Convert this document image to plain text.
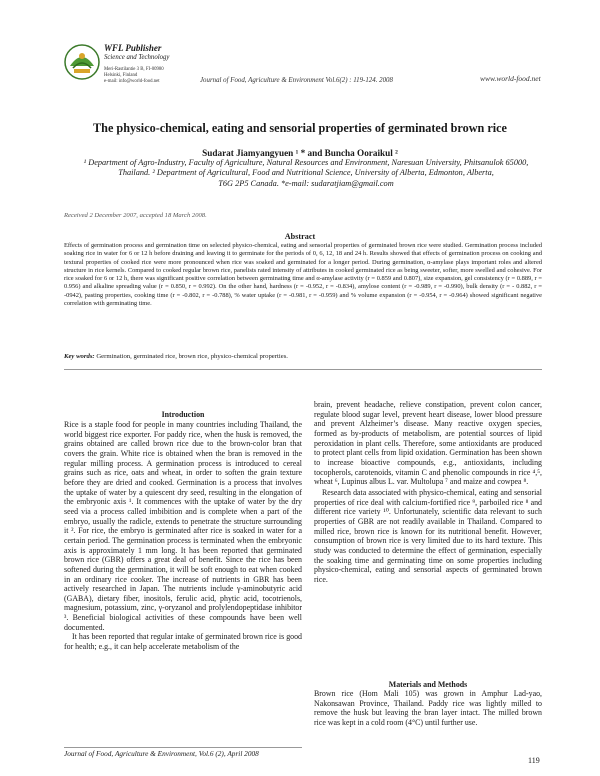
WFL Publisher
Science and Technology
Meri-Rastilantie 3 B, FI-00980
Helsinki, Finland
e-mail: info@world-food.net	Journal of Food, Agriculture & Environment Vol.6(2) : 119-124. 2008	www.world-food.net
The physico-chemical, eating and sensorial properties of germinated brown rice
Sudarat Jiamyangyuen ¹ * and Buncha Ooraikul ²
¹ Department of Agro-Industry, Faculty of Agriculture, Natural Resources and Environment, Naresuan University, Phitsanulok 65000, Thailand. ² Department of Agricultural, Food and Nutritional Science, University of Alberta, Edmonton, Alberta,
T6G 2P5 Canada. *e-mail: sudaratjiam@gmail.com
Received 2 December 2007, accepted 18 March 2008.
Abstract
Effects of germination process and germination time on selected physico-chemical, eating and sensorial properties of germinated brown rice were studied. Germination process included soaking rice in water for 6 or 12 h before draining and leaving it to germinate for the periods of 0, 6, 12, 18 and 24 h. Results showed that effects of germination process on cooking and textural properties of cooked rice were more pronounced when rice was soaked and germinated for a longer period. During germination, α-amylase plays important roles and altered structure in rice kernels. Compared to cooked regular brown rice, panelists rated intensity of attributes in cooked germinated rice as being sweeter, softer, more swelled and cohesive. For rice soaked for 6 or 12 h, there was significant positive correlation between germinating time and α-amylase activity (r = 0.859 and 0.807), size expansion, gel consistency (r = 0.889, r = 0.956) and alkaline spreading value (r = 0.850, r = 0.992). On the other hand, hardness (r = -0.952, r = -0.834), amylose content (r = -0.989, r = -0.990), bulk density (r = - 0.882, r = -0942), pasting properties, cooking time (r = -0.802, r = -0.788), % water uptake (r = -0.981, r = -0.959) and % volume expansion (r = -0.954, r = -0.964) showed significant negative correlation with germinating time.
Key words: Germination, germinated rice, brown rice, physico-chemical properties.
Introduction

Rice is a staple food for people in many countries including Thailand, the world biggest rice exporter. For paddy rice, when the husk is removed, the grains obtained are called brown rice due to the brown-color bran that covers the grain. White rice is obtained when the bran is removed in the regular milling process. A germination process is introduced to cereal grains such as rice, oats and wheat, in order to soften the grain texture before they are dried and cooked. Germination is a process that involves the uptake of water by a quiescent dry seed, resulting in the elongation of the embryonic axis ¹. It commences with the uptake of water by the dry seed via a process called imbibition and is complete when a part of the embryo, usually the radicle, extends to penetrate the structure surrounding it ². For rice, the embryo is germinated after rice is soaked in water for a certain period. The germination process is terminated when the embryonic axis is approximately 1 mm long. It has been reported that germinated brown rice (GBR) offers a great deal of benefit. Since the rice has been softened during the germination, it will be soft enough to eat when cooked in an ordinary rice cooker. The increase of nutrients in GBR has been actively researched in Japan. The nutrients include γ-aminobutyric acid (GABA), dietary fiber, inositols, ferulic acid, phytic acid, tocotrienols, magnesium, potassium, zinc, γ-oryzanol and prolylendopeptidase inhibitor ³. Beneficial biological activities of these compounds have been well documented.

It has been reported that regular intake of germinated brown rice is good for health; e.g., it can help accelerate metabolism of the

brain, prevent headache, relieve constipation, prevent colon cancer, regulate blood sugar level, prevent heart disease, lower blood pressure and prevent Alzheimer’s disease. Many reactive oxygen species, formed as by-products of metabolism, are potential sources of lipid peroxidation in plant cells. Therefore, some antioxidants are produced to protect plant cells from lipid oxidation. Germination has been shown to increase bioactive compounds, e.g., antioxidants, including tocopherols, carotenoids, vitamin C and phenolic compounds in rice ⁴,⁵, wheat ⁶, Lupinus albus L. var. Multolupa ⁷ and maize and cowpea ⁸.

Research data associated with physico-chemical, eating and sensorial properties of rice deal with calcium-fortified rice ⁹, parboiled rice ⁸ and different rice variety ¹⁰. Unfortunately, scientific data relevant to such properties of GBR are not readily available in Thailand. Compared to milled rice, brown rice is known for its nutritional benefit. However, consumption of brown rice is very limited due to its hard texture. This study was conducted to determine the effect of germination, especially the soaking time and germinating time on some properties including physico-chemical, eating and sensorial aspects of germinated brown rice.

Materials and Methods

Brown rice (Hom Mali 105) was grown in Amphur Lad-yao, Nakonsawan Province, Thailand. Paddy rice was lightly milled to remove the husk but leaving the bran layer intact. The milled brown rice was kept in a cold room (4°C) until further use.

Journal of Food, Agriculture & Environment, Vol.6 (2), April 2008
119
